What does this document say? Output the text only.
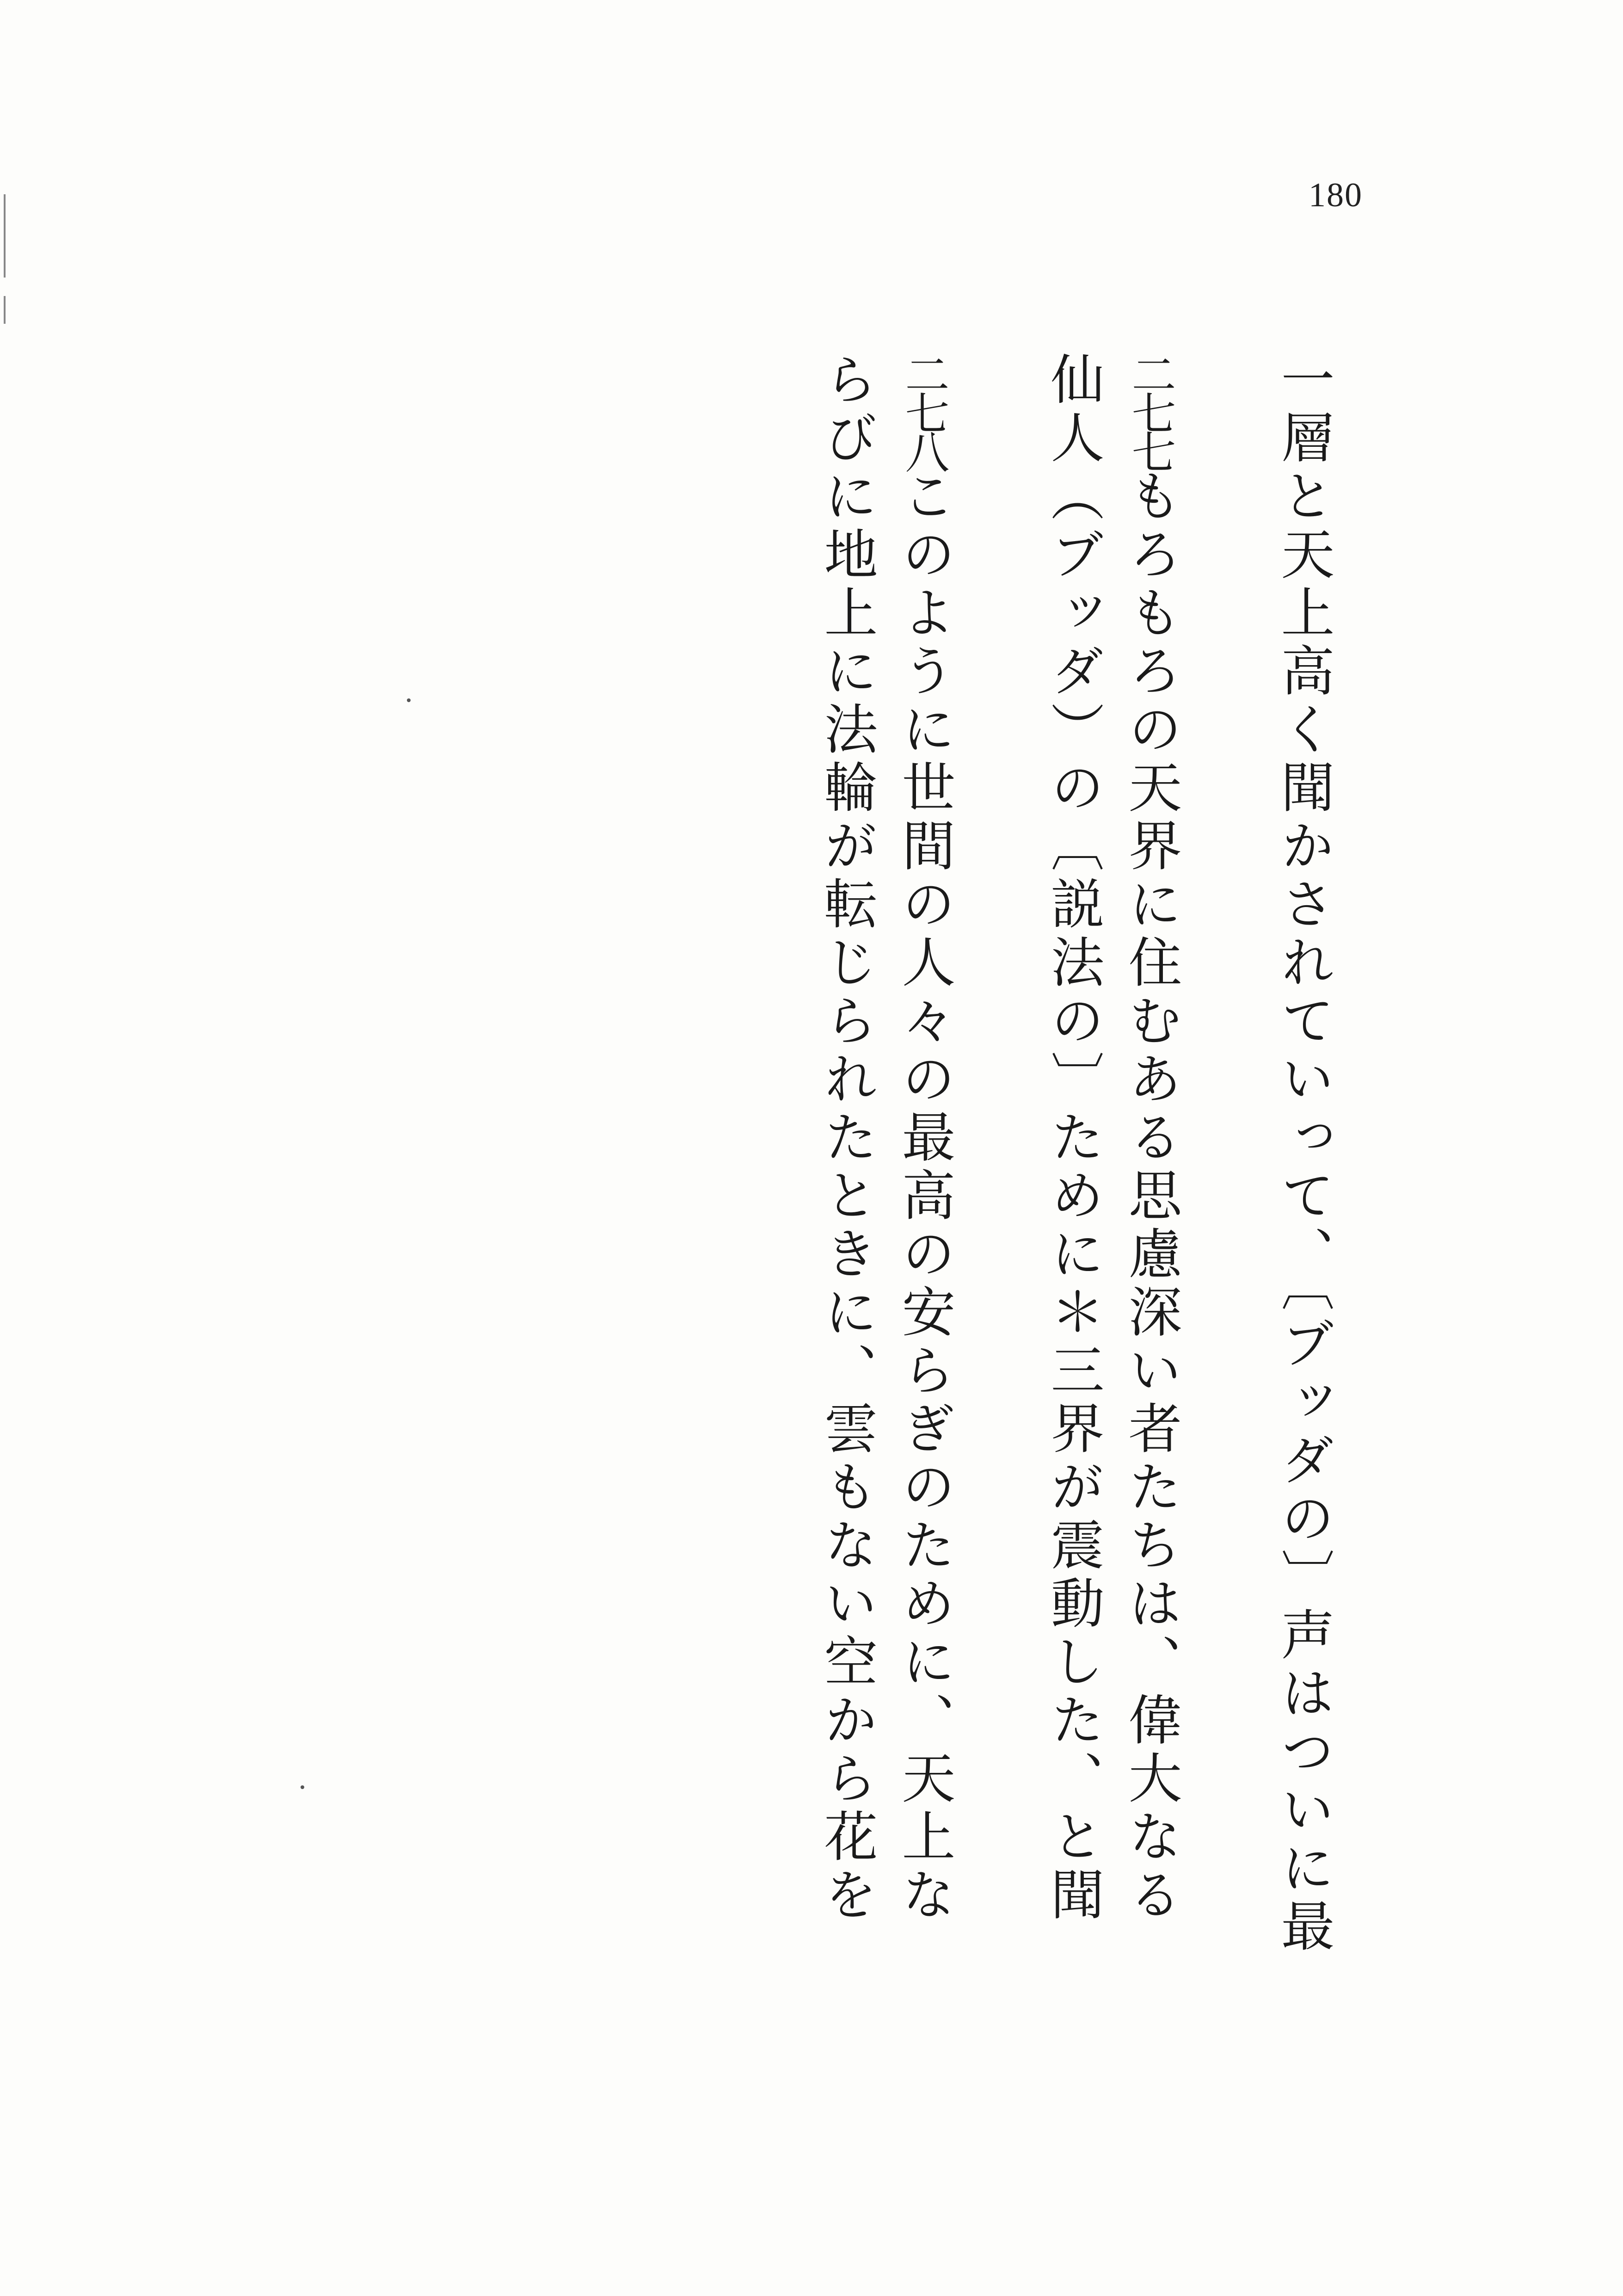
180

一層と天上高く聞かされていって、〔ブッダの〕声はついに最

二七七もろもろの天界に住むある思慮深い者たちは、偉大なる仙人（ブッダ）の〔説法の〕ために＊三界が震動した、と聞

二七八このように世間の人々の最高の安らぎのために、天上ならびに地上に法輪が転じられたときに、雲もない空から花を
